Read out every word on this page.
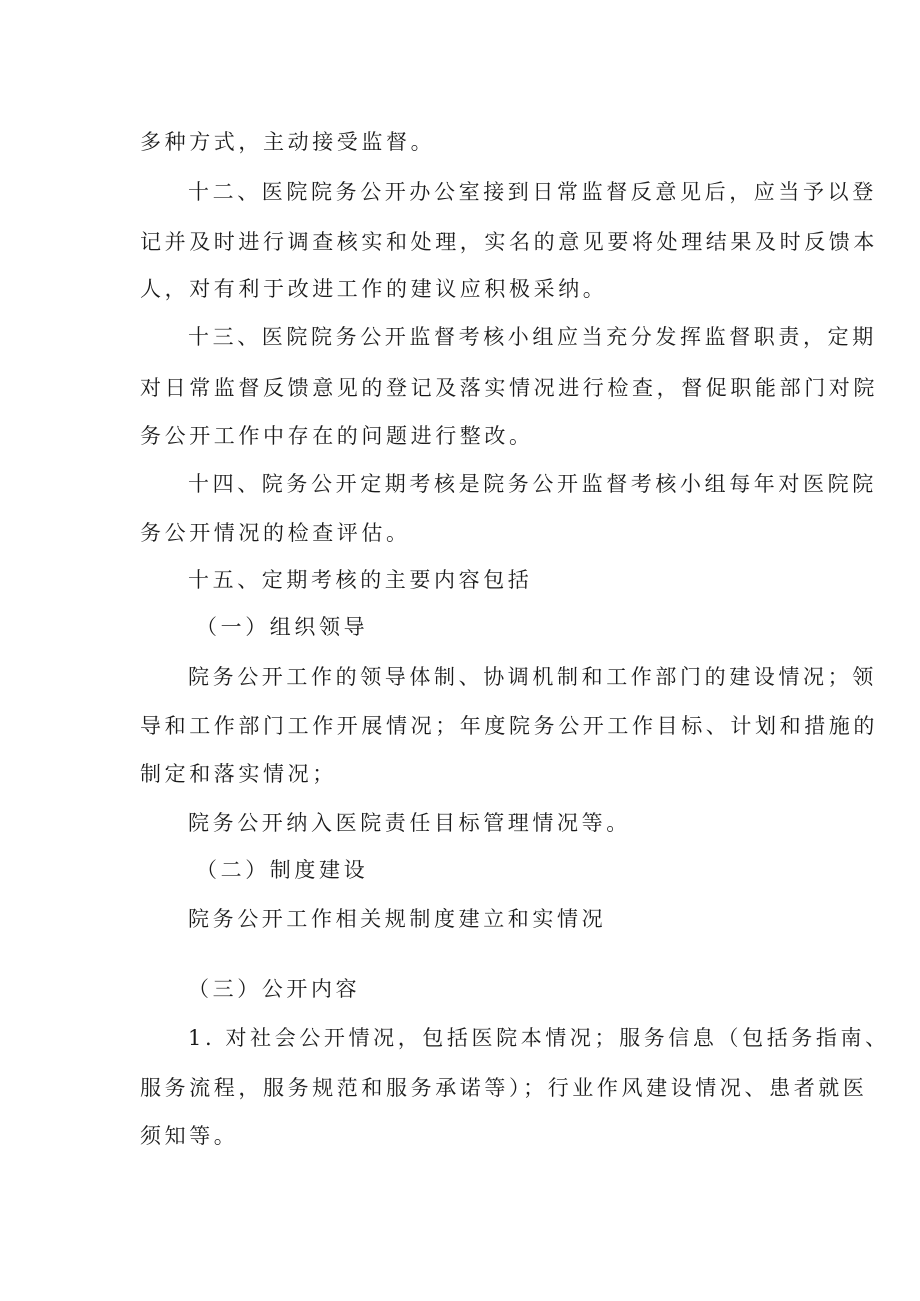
多种方式，主动接受监督。

十二、医院院务公开办公室接到日常监督反意见后，应当予以登

记并及时进行调查核实和处理，实名的意见要将处理结果及时反馈本

人，对有利于改进工作的建议应积极采纳。

十三、医院院务公开监督考核小组应当充分发挥监督职责，定期

对日常监督反馈意见的登记及落实情况进行检查，督促职能部门对院

务公开工作中存在的问题进行整改。

十四、院务公开定期考核是院务公开监督考核小组每年对医院院

务公开情况的检查评估。

十五、定期考核的主要内容包括

（一）组织领导

院务公开工作的领导体制、协调机制和工作部门的建设情况；领

导和工作部门工作开展情况；年度院务公开工作目标、计划和措施的

制定和落实情况；

院务公开纳入医院责任目标管理情况等。

（二）制度建设

院务公开工作相关规制度建立和实情况

（三）公开内容

1. 对社会公开情况，包括医院本情况；服务信息（包括务指南、

服务流程，服务规范和服务承诺等）；行业作风建设情况、患者就医

须知等。
